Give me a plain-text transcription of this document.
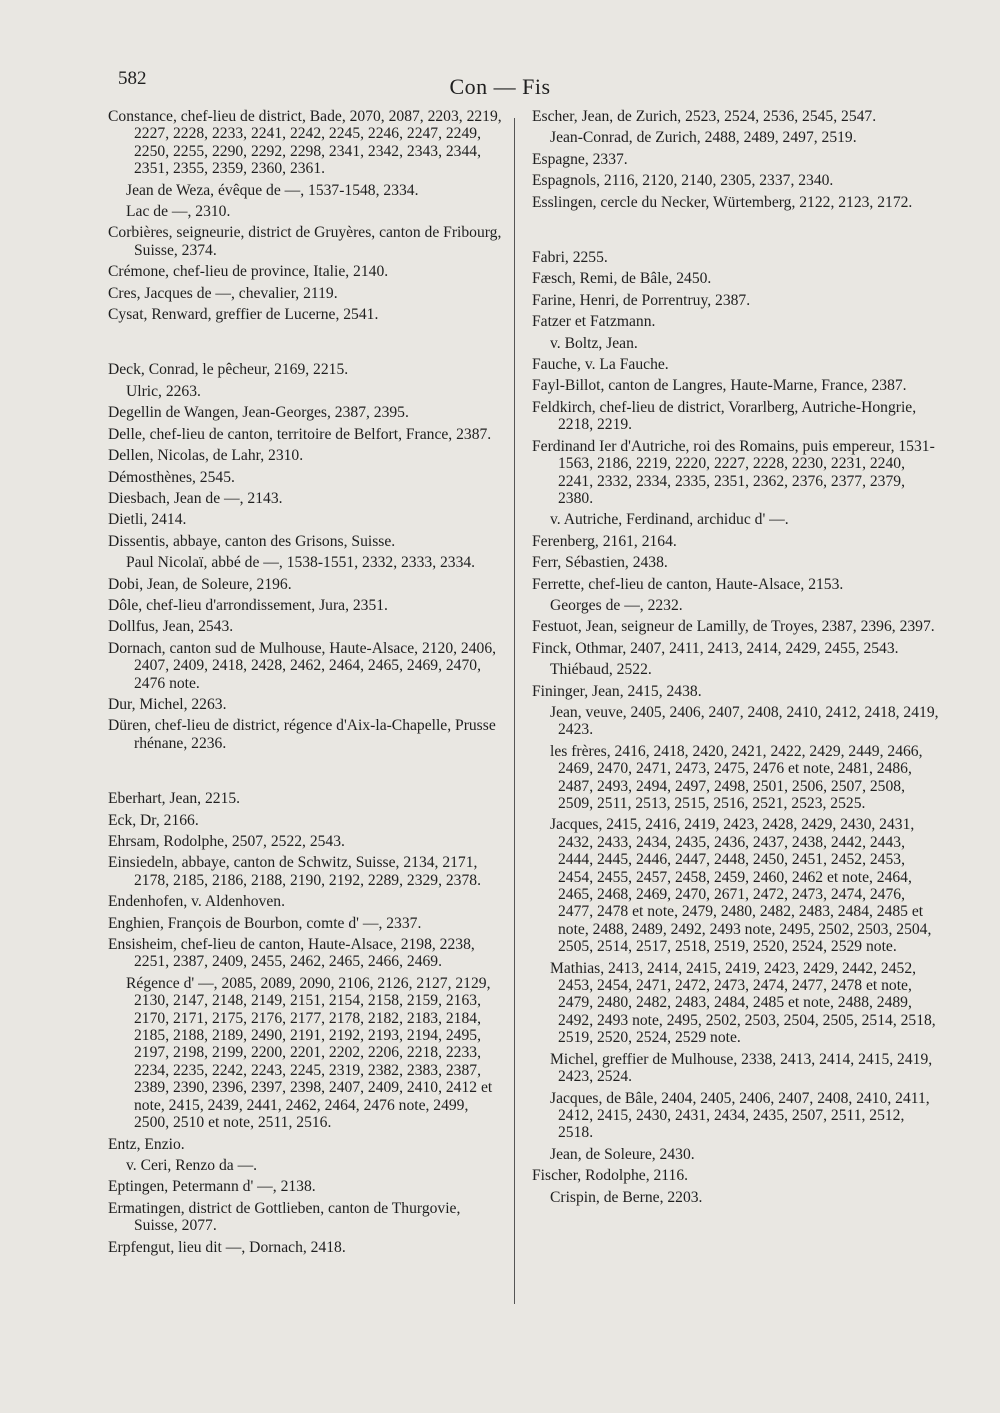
582	Con — Fis
Constance, chef-lieu de district, Bade, 2070, 2087, 2203, 2219, 2227, 2228, 2233, 2241, 2242, 2245, 2246, 2247, 2249, 2250, 2255, 2290, 2292, 2298, 2341, 2342, 2343, 2344, 2351, 2355, 2359, 2360, 2361.
Jean de Weza, évêque de —, 1537-1548, 2334.
Lac de —, 2310.
Corbières, seigneurie, district de Gruyères, canton de Fribourg, Suisse, 2374.
Crémone, chef-lieu de province, Italie, 2140.
Cres, Jacques de —, chevalier, 2119.
Cysat, Renward, greffier de Lucerne, 2541.
Deck, Conrad, le pêcheur, 2169, 2215.
Ulric, 2263.
Degellin de Wangen, Jean-Georges, 2387, 2395.
Delle, chef-lieu de canton, territoire de Belfort, France, 2387.
Dellen, Nicolas, de Lahr, 2310.
Démosthènes, 2545.
Diesbach, Jean de —, 2143.
Dietli, 2414.
Dissentis, abbaye, canton des Grisons, Suisse.
Paul Nicolaï, abbé de —, 1538-1551, 2332, 2333, 2334.
Dobi, Jean, de Soleure, 2196.
Dôle, chef-lieu d'arrondissement, Jura, 2351.
Dollfus, Jean, 2543.
Dornach, canton sud de Mulhouse, Haute-Alsace, 2120, 2406, 2407, 2409, 2418, 2428, 2462, 2464, 2465, 2469, 2470, 2476 note.
Dur, Michel, 2263.
Düren, chef-lieu de district, régence d'Aix-la-Chapelle, Prusse rhénane, 2236.
Eberhart, Jean, 2215.
Eck, Dr, 2166.
Ehrsam, Rodolphe, 2507, 2522, 2543.
Einsiedeln, abbaye, canton de Schwitz, Suisse, 2134, 2171, 2178, 2185, 2186, 2188, 2190, 2192, 2289, 2329, 2378.
Endenhofen, v. Aldenhoven.
Enghien, François de Bourbon, comte d' —, 2337.
Ensisheim, chef-lieu de canton, Haute-Alsace, 2198, 2238, 2251, 2387, 2409, 2455, 2462, 2465, 2466, 2469.
Régence d' —, 2085, 2089, 2090, 2106, 2126, 2127, 2129, 2130, 2147, 2148, 2149, 2151, 2154, 2158, 2159, 2163, 2170, 2171, 2175, 2176, 2177, 2178, 2182, 2183, 2184, 2185, 2188, 2189, 2490, 2191, 2192, 2193, 2194, 2495, 2197, 2198, 2199, 2200, 2201, 2202, 2206, 2218, 2233, 2234, 2235, 2242, 2243, 2245, 2319, 2382, 2383, 2387, 2389, 2390, 2396, 2397, 2398, 2407, 2409, 2410, 2412 et note, 2415, 2439, 2441, 2462, 2464, 2476 note, 2499, 2500, 2510 et note, 2511, 2516.
Entz, Enzio.
v. Ceri, Renzo da —.
Eptingen, Petermann d' —, 2138.
Ermatingen, district de Gottlieben, canton de Thurgovie, Suisse, 2077.
Erpfengut, lieu dit —, Dornach, 2418.
Escher, Jean, de Zurich, 2523, 2524, 2536, 2545, 2547.
Jean-Conrad, de Zurich, 2488, 2489, 2497, 2519.
Espagne, 2337.
Espagnols, 2116, 2120, 2140, 2305, 2337, 2340.
Esslingen, cercle du Necker, Würtemberg, 2122, 2123, 2172.
Fabri, 2255.
Fæsch, Remi, de Bâle, 2450.
Farine, Henri, de Porrentruy, 2387.
Fatzer et Fatzmann.
v. Boltz, Jean.
Fauche, v. La Fauche.
Fayl-Billot, canton de Langres, Haute-Marne, France, 2387.
Feldkirch, chef-lieu de district, Vorarlberg, Autriche-Hongrie, 2218, 2219.
Ferdinand Ier d'Autriche, roi des Romains, puis empereur, 1531-1563, 2186, 2219, 2220, 2227, 2228, 2230, 2231, 2240, 2241, 2332, 2334, 2335, 2351, 2362, 2376, 2377, 2379, 2380.
v. Autriche, Ferdinand, archiduc d' —.
Ferenberg, 2161, 2164.
Ferr, Sébastien, 2438.
Ferrette, chef-lieu de canton, Haute-Alsace, 2153.
Georges de —, 2232.
Festuot, Jean, seigneur de Lamilly, de Troyes, 2387, 2396, 2397.
Finck, Othmar, 2407, 2411, 2413, 2414, 2429, 2455, 2543.
Thiébaud, 2522.
Fininger, Jean, 2415, 2438.
Jean, veuve, 2405, 2406, 2407, 2408, 2410, 2412, 2418, 2419, 2423.
les frères, 2416, 2418, 2420, 2421, 2422, 2429, 2449, 2466, 2469, 2470, 2471, 2473, 2475, 2476 et note, 2481, 2486, 2487, 2493, 2494, 2497, 2498, 2501, 2506, 2507, 2508, 2509, 2511, 2513, 2515, 2516, 2521, 2523, 2525.
Jacques, 2415, 2416, 2419, 2423, 2428, 2429, 2430, 2431, 2432, 2433, 2434, 2435, 2436, 2437, 2438, 2442, 2443, 2444, 2445, 2446, 2447, 2448, 2450, 2451, 2452, 2453, 2454, 2455, 2457, 2458, 2459, 2460, 2462 et note, 2464, 2465, 2468, 2469, 2470, 2671, 2472, 2473, 2474, 2476, 2477, 2478 et note, 2479, 2480, 2482, 2483, 2484, 2485 et note, 2488, 2489, 2492, 2493 note, 2495, 2502, 2503, 2504, 2505, 2514, 2517, 2518, 2519, 2520, 2524, 2529 note.
Mathias, 2413, 2414, 2415, 2419, 2423, 2429, 2442, 2452, 2453, 2454, 2471, 2472, 2473, 2474, 2477, 2478 et note, 2479, 2480, 2482, 2483, 2484, 2485 et note, 2488, 2489, 2492, 2493 note, 2495, 2502, 2503, 2504, 2505, 2514, 2518, 2519, 2520, 2524, 2529 note.
Michel, greffier de Mulhouse, 2338, 2413, 2414, 2415, 2419, 2423, 2524.
Jacques, de Bâle, 2404, 2405, 2406, 2407, 2408, 2410, 2411, 2412, 2415, 2430, 2431, 2434, 2435, 2507, 2511, 2512, 2518.
Jean, de Soleure, 2430.
Fischer, Rodolphe, 2116.
Crispin, de Berne, 2203.
